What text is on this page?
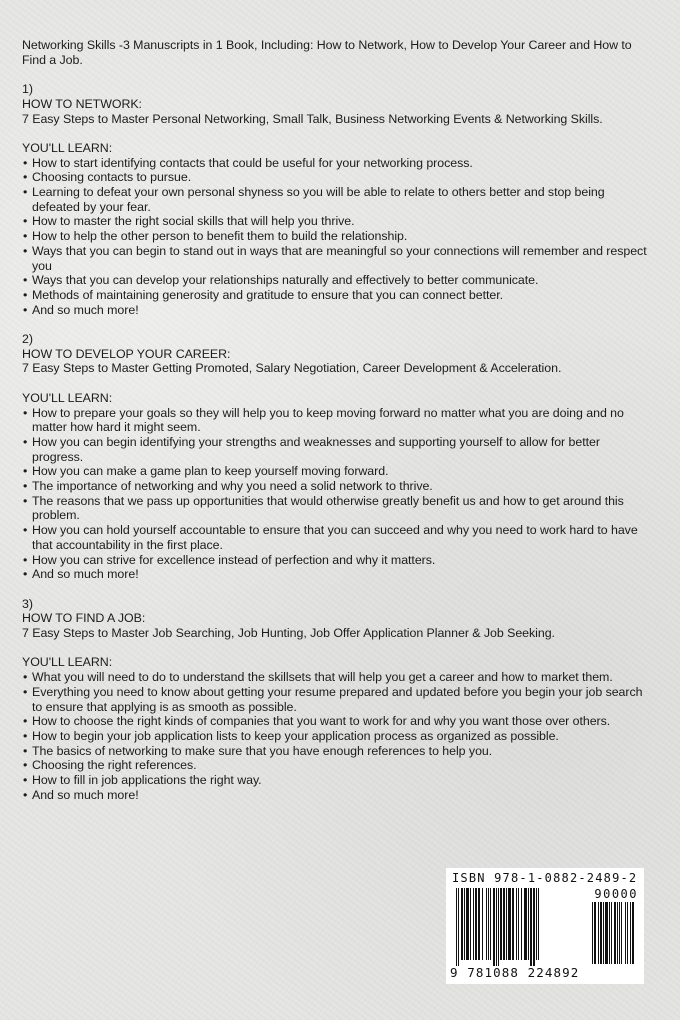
Networking Skills -3 Manuscripts in 1 Book, Including: How to Network, How to Develop Your Career and How to Find a Job.

1)

HOW TO NETWORK:

7 Easy Steps to Master Personal Networking, Small Talk, Business Networking Events & Networking Skills.

YOU'LL LEARN:

• How to start identifying contacts that could be useful for your networking process.
• Choosing contacts to pursue.
• Learning to defeat your own personal shyness so you will be able to relate to others better and stop being defeated by your fear.
• How to master the right social skills that will help you thrive.
• How to help the other person to benefit them to build the relationship.
• Ways that you can begin to stand out in ways that are meaningful so your connections will remember and respect you
• Ways that you can develop your relationships naturally and effectively to better communicate.
• Methods of maintaining generosity and gratitude to ensure that you can connect better.
• And so much more!

2)

HOW TO DEVELOP YOUR CAREER:

7 Easy Steps to Master Getting Promoted, Salary Negotiation, Career Development & Acceleration.

YOU'LL LEARN:

• How to prepare your goals so they will help you to keep moving forward no matter what you are doing and no matter how hard it might seem.
• How you can begin identifying your strengths and weaknesses and supporting yourself to allow for better progress.
• How you can make a game plan to keep yourself moving forward.
• The importance of networking and why you need a solid network to thrive.
• The reasons that we pass up opportunities that would otherwise greatly benefit us and how to get around this problem.
• How you can hold yourself accountable to ensure that you can succeed and why you need to work hard to have that accountability in the first place.
• How you can strive for excellence instead of perfection and why it matters.
• And so much more!

3)

HOW TO FIND A JOB:

7 Easy Steps to Master Job Searching, Job Hunting, Job Offer Application Planner & Job Seeking.

YOU'LL LEARN:

• What you will need to do to understand the skillsets that will help you get a career and how to market them.
• Everything you need to know about getting your resume prepared and updated before you begin your job search to ensure that applying is as smooth as possible.
• How to choose the right kinds of companies that you want to work for and why you want those over others.
• How to begin your job application lists to keep your application process as organized as possible.
• The basics of networking to make sure that you have enough references to help you.
• Choosing the right references.
• How to fill in job applications the right way.
• And so much more!
ISBN 978-1-0882-2489-2
90000
9 781088 224892
